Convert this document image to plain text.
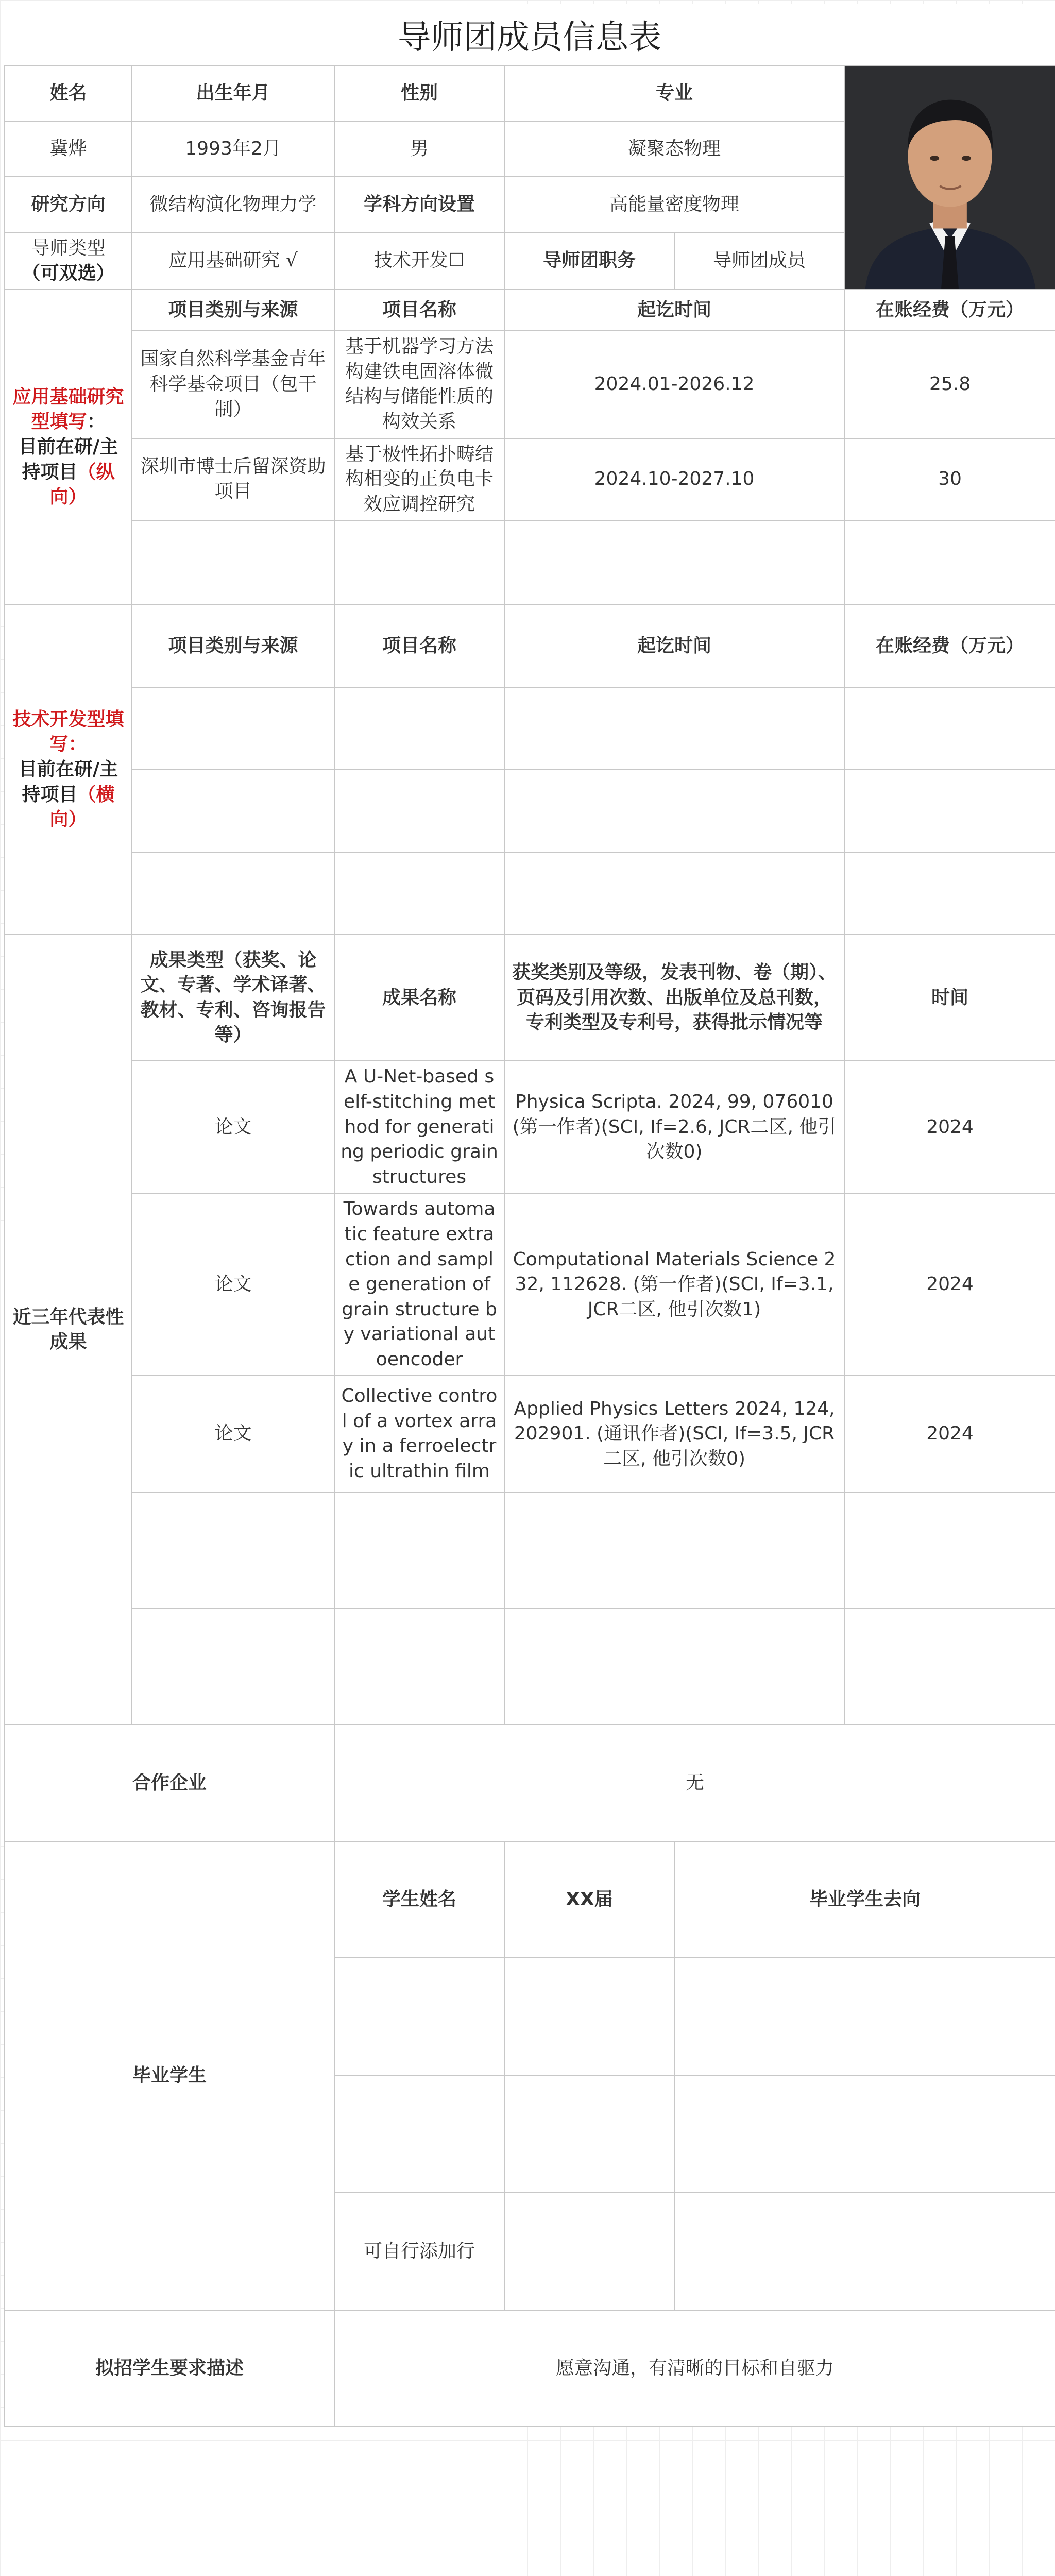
导师团成员信息表
姓名	出生年月	性别	专业	

冀烨	1993年2月	男	凝聚态物理		
研究方向	微结构演化物理力学	学科方向设置	高能量密度物理		
导师类型
（可双选）	应用基础研究 √	技术开发☐	导师团职务	导师团成员	
应用基础研究型填写：
目前在研/主持项目（纵向）	项目类别与来源	项目名称	起讫时间		在账经费（万元）
	国家自然科学基金青年科学基金项目（包干制）	基于机器学习方法构建铁电固溶体微结构与储能性质的构效关系	2024.01-2026.12		25.8
	深圳市博士后留深资助项目	基于极性拓扑畴结构相变的正负电卡效应调控研究	2024.10-2027.10		30

技术开发型填写：
目前在研/主持项目（横向）	项目类别与来源	项目名称	起讫时间		在账经费（万元）

近三年代表性成果	成果类型（获奖、论文、专著、学术译著、教材、专利、咨询报告等）	成果名称	获奖类别及等级，发表刊物、卷（期）、页码及引用次数、出版单位及总刊数，专利类型及专利号，获得批示情况等		时间
	论文	A U-Net-based self-stitching method for generating periodic grain structures	Physica Scripta. 2024, 99, 076010 (第一作者)(SCI, If=2.6, JCR二区, 他引次数0)		2024
	论文	Towards automatic feature extraction and sample generation of grain structure by variational autoencoder	Computational Materials Science 232, 112628. (第一作者)(SCI, If=3.1, JCR二区, 他引次数1)		2024
	论文	Collective control of a vortex array in a ferroelectric ultrathin film	Applied Physics Letters 2024, 124, 202901. (通讯作者)(SCI, If=3.5, JCR二区, 他引次数0)		2024

合作企业		无			
毕业学生		学生姓名	XX届	毕业学生去向	

		可自行添加行			
拟招学生要求描述		愿意沟通，有清晰的目标和自驱力			
